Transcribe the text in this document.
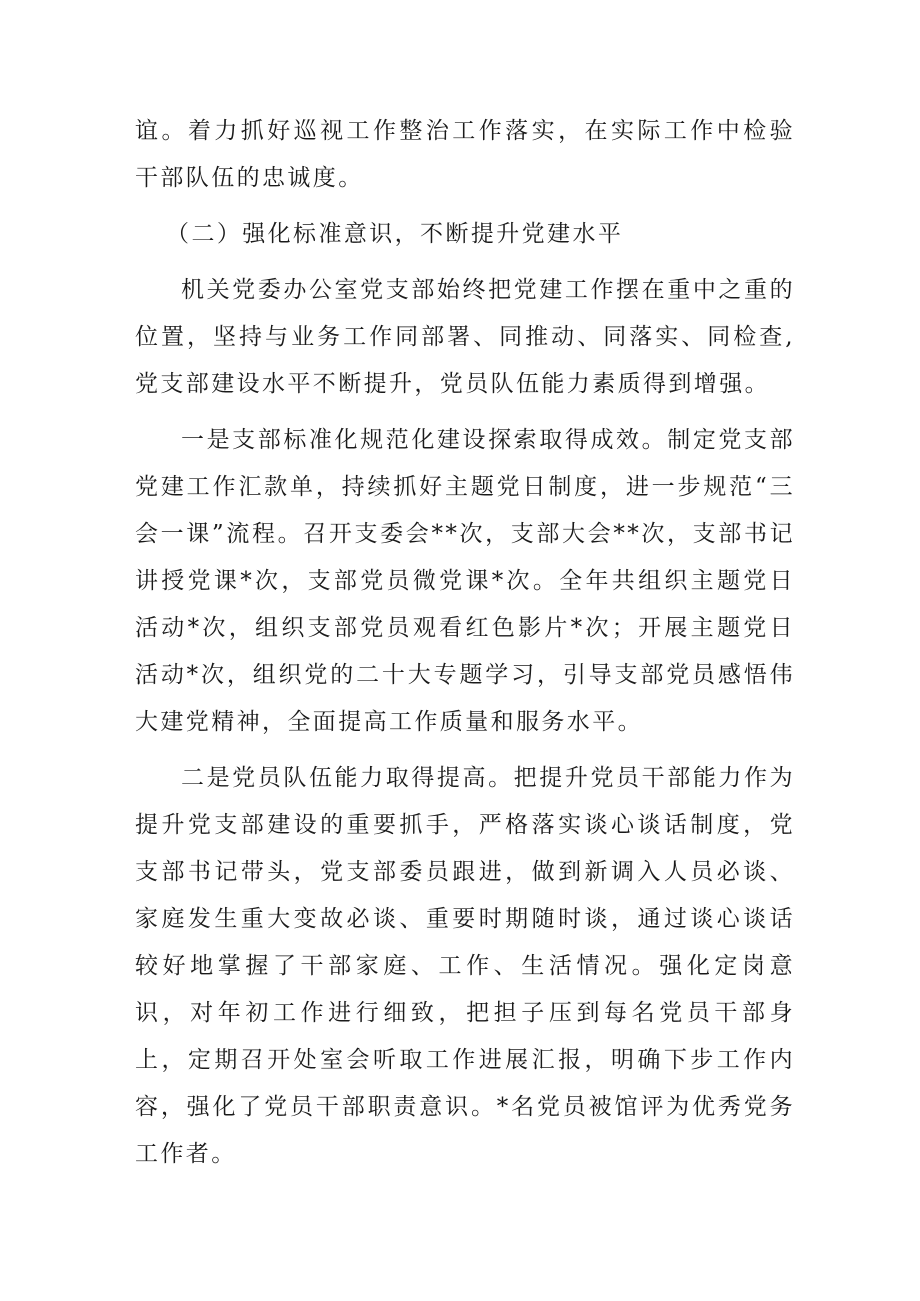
谊。着力抓好巡视工作整治工作落实，在实际工作中检验干部队伍的忠诚度。

（二）强化标准意识，不断提升党建水平

机关党委办公室党支部始终把党建工作摆在重中之重的位置，坚持与业务工作同部署、同推动、同落实、同检查,党支部建设水平不断提升，党员队伍能力素质得到增强。

一是支部标准化规范化建设探索取得成效。制定党支部党建工作汇款单，持续抓好主题党日制度，进一步规范“三会一课”流程。召开支委会**次，支部大会**次，支部书记讲授党课*次，支部党员微党课*次。全年共组织主题党日活动*次，组织支部党员观看红色影片*次；开展主题党日活动*次，组织党的二十大专题学习，引导支部党员感悟伟大建党精神，全面提高工作质量和服务水平。

二是党员队伍能力取得提高。把提升党员干部能力作为提升党支部建设的重要抓手，严格落实谈心谈话制度，党支部书记带头，党支部委员跟进，做到新调入人员必谈、家庭发生重大变故必谈、重要时期随时谈，通过谈心谈话较好地掌握了干部家庭、工作、生活情况。强化定岗意识，对年初工作进行细致，把担子压到每名党员干部身上，定期召开处室会听取工作进展汇报，明确下步工作内容，强化了党员干部职责意识。*名党员被馆评为优秀党务工作者。
